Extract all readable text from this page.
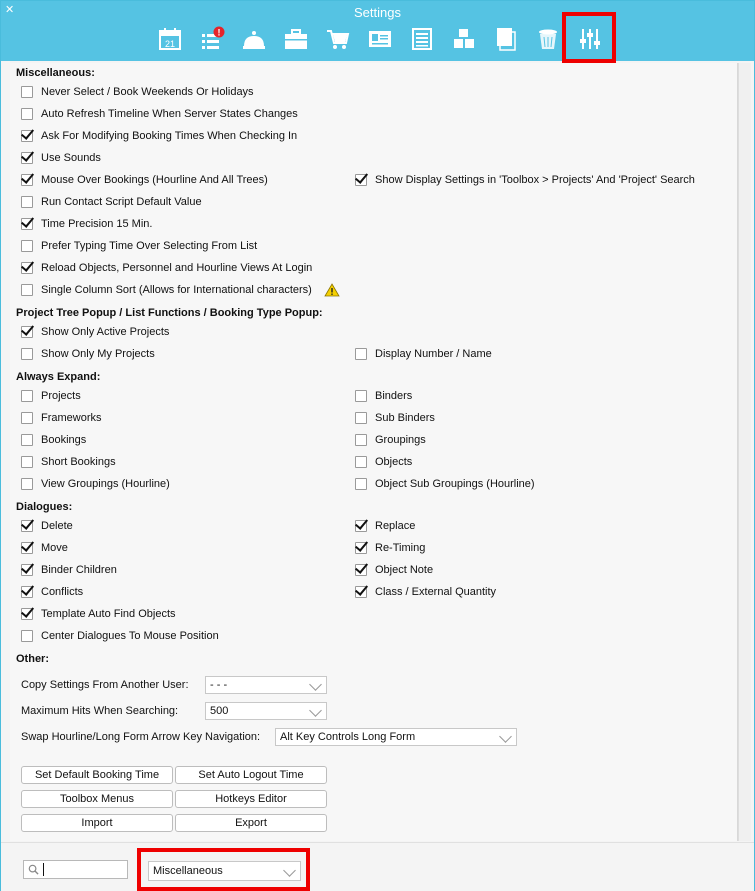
✕	Settings
21
!
Miscellaneous:
Never Select / Book Weekends Or Holidays
Auto Refresh Timeline When Server States Changes
Ask For Modifying Booking Times When Checking In
Use Sounds
Mouse Over Bookings (Hourline And All Trees)	Show Display Settings in 'Toolbox > Projects' And 'Project' Search
Run Contact Script Default Value
Time Precision 15 Min.
Prefer Typing Time Over Selecting From List
Reload Objects, Personnel and Hourline Views At Login
Single Column Sort (Allows for International characters)
Project Tree Popup / List Functions / Booking Type Popup:
Show Only Active Projects
Show Only My Projects	Display Number / Name
Always Expand:
Projects	Binders
Frameworks	Sub Binders
Bookings	Groupings
Short Bookings	Objects
View Groupings (Hourline)	Object Sub Groupings (Hourline)
Dialogues:
Delete	Replace
Move	Re-Timing
Binder Children	Object Note
Conflicts	Class / External Quantity
Template Auto Find Objects
Center Dialogues To Mouse Position
Other:
Copy Settings From Another User:	- - -
Maximum Hits When Searching:	500
Swap Hourline/Long Form Arrow Key Navigation:	Alt Key Controls Long Form
Set Default Booking Time	Set Auto Logout Time
Toolbox Menus	Hotkeys Editor
Import	Export
Miscellaneous
